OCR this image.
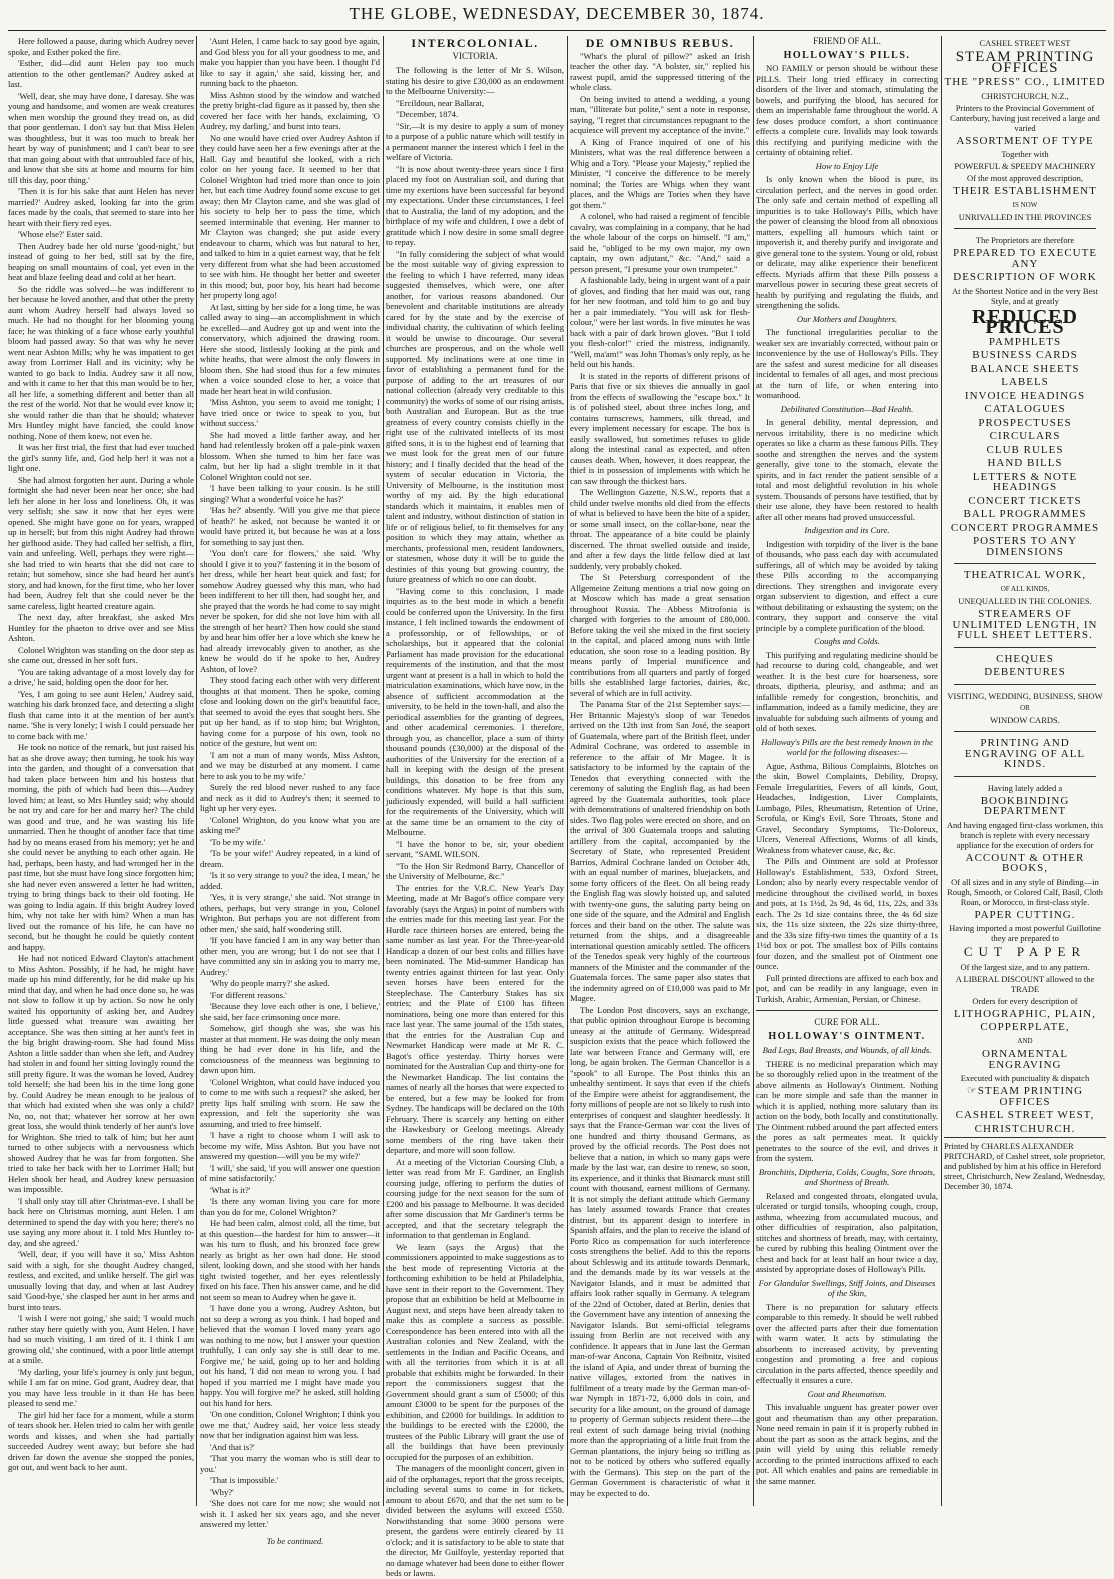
THE GLOBE, WEDNESDAY, DECEMBER 30, 1874.

Here followed a pause, during which Audrey never spoke, and Esther poked the fire.

'Esther, did—did aunt Helen pay too much attention to the other gentleman?' Audrey asked at last.

'Well, dear, she may have done, I daresay. She was young and handsome, and women are weak creatures when men worship the ground they tread on, as did that poor gentleman. I don't say but that Miss Helen was thoughtless, but it was too much to break her heart by way of punishment; and I can't bear to see that man going about with that untroubled face of his, and know that she sits at home and mourns for him till this day, poor thing.'

'Then it is for his sake that aunt Helen has never married?' Audrey asked, looking far into the grim faces made by the coals, that seemed to stare into her heart with their fiery red eyes.

'Whose else?' Ester said.

Then Audrey bade her old nurse 'good-night,' but instead of going to her bed, still sat by the fire, heaping on small mountains of coal, yet even in the heat and blaze feeling dead and cold at her heart.

So the riddle was solved—he was indifferent to her because he loved another, and that other the pretty aunt whom Audrey herself had always loved so much. He had no thought for her blooming young face; he was thinking of a face whose early youthful bloom had passed away. So that was why he never went near Ashton Mills; why he was impatient to get away from Lorrimer Hall and its vicinity; why he wanted to go back to India. Audrey saw it all now, and with it came to her that this man would be to her, all her life, a something different and better than all the rest of the world. Not that he would ever know it; she would rather die than that he should; whatever Mrs Huntley might have fancied, she could know nothing. None of them knew, not even he.

It was her first trial, the first that had ever touched the girl's sunny life, and, God help her! it was not a light one.

She had almost forgotten her aunt. During a whole fortnight she had never been near her once; she had left her alone in her loss and loneliness. Oh, it was very selfish; she saw it now that her eyes were opened. She might have gone on for years, wrapped up in herself; but from this night Audrey had thrown her girlhood aside. They had called her selfish, a flirt, vain and unfeeling. Well, perhaps they were right—she had tried to win hearts that she did not care to retain; but somehow, since she had heard her aunt's story, and had known, for the first time, who her lover had been, Audrey felt that she could never be the same careless, light hearted creature again.

The next day, after breakfast, she asked Mrs Huntley for the phaeton to drive over and see Miss Ashton.

Colonel Wrighton was standing on the door step as she came out, dressed in her soft furs.

'You are taking advantage of a most lovely day for a drive,' he said, holding open the door for her.

'Yes, I am going to see aunt Helen,' Audrey said, watching his dark bronzed face, and detecting a slight flush that came into it at the mention of her aunt's name. 'She is very lonely; I wish I could persuade her to come back with me.'

He took no notice of the remark, but just raised his hat as she drove away; then turning, he took his way into the garden, and thought of a conversation that had taken place between him and his hostess that morning, the pith of which had been this—Audrey loved him; at least, so Mrs Huntley said; why should he not try and care for her and marry her? The child was good and true, and he was wasting his life unmarried. Then he thought of another face that time had by no means erased from his memory; yet he and she could never be anything to each other again. He had, perhaps, been hasty, and had wronged her in the past time, but she must have long since forgotten him; she had never even answered a letter he had written, trying to bring things back to their old footing. He was going to India again. If this bright Audrey loved him, why not take her with him? When a man has lived out the romance of his life, he can have no second, but he thought he could be quietly content and happy.

He had not noticed Edward Clayton's attachment to Miss Ashton. Possibly, if he had, he might have made up his mind differently, for he did make up his mind that day, and when he had once done so, he was not slow to follow it up by action. So now he only waited his opportunity of asking her, and Audrey little guessed what treasure was awaiting her acceptance. She was then sitting at her aunt's feet in the big bright drawing-room. She had found Miss Ashton a little sadder than when she left, and Audrey had stolen in and found her sitting lovingly round the still pretty figure. It was the woman he loved, Audrey told herself; she had been his in the time long gone by. Could Audrey be mean enough to be jealous of that which had existed when she was only a child? No, no, not that; whatever her sorrow at her own great loss, she would think tenderly of her aunt's love for Wrighton. She tried to talk of him; but her aunt turned to other subjects with a nervousness which showed Audrey that he was far from forgotten. She tried to take her back with her to Lorrimer Hall; but Helen shook her head, and Audrey knew persuasion was impossible.

'I shall only stay till after Christmas-eve. I shall be back here on Christmas morning, aunt Helen. I am determined to spend the day with you here; there's no use saying any more about it. I told Mrs Huntley to-day, and she agreed.'

'Well, dear, if you will have it so,' Miss Ashton said with a sigh, for she thought Audrey changed, restless, and excited, and unlike herself. The girl was unusually loving that day, and when at last Audrey said 'Good-bye,' she clasped her aunt in her arms and burst into tears.

'I wish I were not going,' she said; 'I would much rather stay here quietly with you, Aunt Helen. I have had so much visiting, I am tired of it. I think I am growing old,' she continued, with a poor little attempt at a smile.

'My darling, your life's journey is only just begun, while I am far on mine. God grant, Audrey dear, that you may have less trouble in it than He has been pleased to send me.'

The girl hid her face for a moment, while a storm of tears shook her. Helen tried to calm her with gentle words and kisses, and when she had partially succeeded Audrey went away; but before she had driven far down the avenue she stopped the ponies, got out, and went back to her aunt.

'Aunt Helen, I came back to say good bye again, and God bless you for all your goodness to me, and make you happier than you have been. I thought I'd like to say it again,' she said, kissing her, and running back to the phaeton.

Miss Ashton stood by the window and watched the pretty bright-clad figure as it passed by, then she covered her face with her hands, exclaiming, 'O Audrey, my darling,' and burst into tears.

No one would have cried over Audrey Ashton if they could have seen her a few evenings after at the Hall. Gay and beautiful she looked, with a rich color on her young face. It seemed to her that Colonel Wrighton had tried more than once to join her, but each time Audrey found some excuse to get away; then Mr Clayton came, and she was glad of his society to help her to pass the time, which seemed interminable that evening. Her manner to Mr Clayton was changed; she put aside every endeavour to charm, which was but natural to her, and talked to him in a quiet earnest way, that he felt very different from what she had been accustomed to see with him. He thought her better and sweeter in this mood; but, poor boy, his heart had become her property long ago!

At last, sitting by her side for a long time, he was called away to sing—an accomplishment in which he excelled—and Audrey got up and went into the conservatory, which adjoined the drawing room. Here she stood, listlessly looking at the pink and white heaths, that were almost the only flowers in bloom then. She had stood thus for a few minutes when a voice sounded close to her, a voice that made her heart beat in wild confusion.

'Miss Ashton, you seem to avoid me tonight; I have tried once or twice to speak to you, but without success.'

She had moved a little farther away, and her hand had relentlessly broken off a pale-pink waxen blossom. When she turned to him her face was calm, but her lip had a slight tremble in it that Colonel Wrighton could not see.

'I have been talking to your cousin. Is he still singing? What a wonderful voice he has?'

'Has he?' absently. 'Will you give me that piece of heath?' he asked, not because he wanted it or would have prized it, but because he was at a loss for something to say just then.

'You don't care for flowers,' she said. 'Why should I give it to you?' fastening it in the bosom of her dress, while her heart beat quick and fast; for somehow Audrey guessed why this man, who had been indifferent to her till then, had sought her, and she prayed that the words he had come to say might never be spoken, for did she not love him with all the strength of her heart? Then how could she stand by and hear him offer her a love which she knew he had already irrevocably given to another, as she knew he would do if he spoke to her, Audrey Ashton, of love?

They stood facing each other with very different thoughts at that moment. Then he spoke, coming close and looking down on the girl's beautiful face, that seemed to avoid the eyes that sought hers. She put up her hand, as if to stop him; but Wrighton, having come for a purpose of his own, took no notice of the gesture, but went on:

'I am not a man of many words, Miss Ashton, and we may be disturbed at any moment. I came here to ask you to be my wife.'

Surely the red blood never rushed to any face and neck as it did to Audrey's then; it seemed to light up her very eyes.

'Colonel Wrighton, do you know what you are asking me?'

'To be my wife.'

'To be your wife!' Audrey repeated, in a kind of dream.

'Is it so very strange to you? the idea, I mean,' he added.

'Yes, it is very strange,' she said. 'Not strange in others, perhaps, but very strange in you, Colonel Wrighton. But perhaps you are not different from other men,' she said, half wondering still.

'If you have fancied I am in any way better than other men, you are wrong; but I do not see that I have committed any sin in asking you to marry me, Audrey.'

'Why do people marry?' she asked.

'For different reasons.'

'Because they love each other is one, I believe,' she said, her face crimsoning once more.

Somehow, girl though she was, she was his master at that moment. He was doing the only mean thing he had ever done in his life, and the consciousness of the meanness was beginning to dawn upon him.

'Colonel Wrighton, what could have induced you to come to me with such a request?' she asked, her pretty lips half smiling with scorn. He saw the expression, and felt the superiority she was assuming, and tried to free himself.

'I have a right to choose whom I will ask to become my wife, Miss Ashton. But you have not answered my question—will you be my wife?'

'I will,' she said, 'if you will answer one question of mine satisfactorily.'

'What is it?'

'Is there any woman living you care for more than you do for me, Colonel Wrighton?'

He had been calm, almost cold, all the time, but at this question—the hardest for him to answer—it was his turn to flush, and his bronzed face grew nearly as bright as her own had done. He stood silent, looking down, and she stood with her hands tight twisted together, and her eyes relentlessly fixed on his face. Then his answer came, and he did not seem so mean to Audrey when he gave it.

'I have done you a wrong, Audrey Ashton, but not so deep a wrong as you think. I had hoped and believed that the woman I loved many years ago was nothing to me now, but I answer your question truthfully, I can only say she is still dear to me. Forgive me,' he said, going up to her and holding out his hand, 'I did not mean to wrong you. I had hoped if you married me I might have made you happy. You will forgive me?' he asked, still holding out his hand for hers.

'On one condition, Colonel Wrighton; I think you owe me that,' Audrey said, her voice less steady now that her indignation against him was less.

'And that is?'

'That you marry the woman who is still dear to you.'

'That is impossible.'

'Why?'

'She does not care for me now; she would not wish it. I asked her six years ago, and she never answered my letter.'

To be continued.

INTERCOLONIAL.
VICTORIA.

The following is the letter of Mr S. Wilson, stating his desire to give £30,000 as an endowment to the Melbourne University:—

"Ercildoun, near Ballarat,

"December, 1874.

"Sir,—It is my desire to apply a sum of money to a purpose of a public nature which will testify in a permanent manner the interest which I feel in the welfare of Victoria.

"It is now about twenty-three years since I first placed my foot on Australian soil, and during that time my exertions have been successful far beyond my expectations. Under these circumstances, I feel that to Australia, the land of my adoption, and the birthplace of my wife and children, I owe a debt of gratitude which I now desire in some small degree to repay.

"In fully considering the subject of what would be the most suitable way of giving expression to the feeling to which I have referred, many ideas suggested themselves, which were, one after another, for various reasons abandoned. Our benevolent and charitable institutions are already cared for by the state and by the exercise of individual charity, the cultivation of which feeling it would be unwise to discourage. Our several churches are prosperous, and on the whole well supported. My inclinations were at one time in favor of establishing a permanent fund for the purpose of adding to the art treasures of our national collection (already very creditable to this community) the works of some of our rising artists, both Australian and European. But as the true greatness of every country consists chiefly in the right use of the cultivated intellects of its most gifted sons, it is to the highest end of learning that we must look for the great men of our future history; and I finally decided that the head of the system of secular education in Victoria, the University of Melbourne, is the institution most worthy of my aid. By the high educational standards which it maintains, it enables men of talent and industry, without distinction of station in life or of religious belief, to fit themselves for any position to which they may attain, whether as merchants, professional men, resident landowners, or statesmen, whose duty it will be to guide the destinies of this young but growing country, the future greatness of which no one can doubt.

"Having come to this conclusion, I made inquiries as to the best mode in which a benefit could be conferred upon the University. In the first instance, I felt inclined towards the endowment of a professorship, or of fellowships, or of scholarships, but it appeared that the colonial Parliament has made provision for the educational requirements of the institution, and that the most urgent want at present is a hall in which to hold the matriculation examinations, which have now, in the absence of sufficient accommodation at the university, to be held in the town-hall, and also the periodical assemblies for the granting of degrees, and other academical ceremonies. I therefore, through you, as chancellor, place a sum of thirty thousand pounds (£30,000) at the disposal of the authorities of the University for the erection of a hall in keeping with the design of the present buildings, this donation to be free from any conditions whatever. My hope is that this sum, judiciously expended, will build a hall sufficient for the requirements of the University, which will at the same time be an ornament to the city of Melbourne.

"I have the honor to be, sir, your obedient servant, "SAML WILSON.

"To the Hon Sir Redmond Barry, Chancellor of the University of Melbourne, &c."

The entries for the V.R.C. New Year's Day Meeting, made at Mr Bagot's office compare very favorably (says the Argus) in point of numbers with the entries made for this meeting last year. For the Hurdle race thirteen horses are entered, being the same number as last year. For the Three-year-old Handicap a dozen of our best colts and fillies have been nominated. The Mid-summer Handicap has twenty entries against thirteen for last year. Only seven horses have been entered for the Steeplechase. The Canterbury Stakes has six entries; and the Plate of £100 has fifteen nominations, being one more than entered for this race last year. The same journal of the 15th states, that the entries for the Australian Cup and Newmarket Handicap were made at Mr R. C. Bagot's office yesterday. Thirty horses were nominated for the Australian Cup and thirty-one for the Newmarket Handicap. The list contains the names of nearly all the horses that were expected to be entered, but a few may be looked for from Sydney. The handicaps will be declared on the 10th February. There is scarcely any betting on either the Hawkesbury or Geelong meetings. Already some members of the ring have taken their departure, and more will soon follow.

At a meeting of the Victorian Coursing Club, a letter was read from Mr F. Gardiner, an English coursing judge, offering to perform the duties of coursing judge for the next season for the sum of £200 and his passage to Melbourne. It was decided after some discussion that Mr Gardiner's terms be accepted, and that the secretary telegraph the information to that gentleman in England.

We learn (says the Argus) that the commissioners appointed to make suggestions as to the best mode of representing Victoria at the forthcoming exhibition to be held at Philadelphia, have sent in their report to the Government. They propose that an exhibition be held at Melbourne in August next, and steps have been already taken to make this as complete a success as possible. Correspondence has been entered into with all the Australian colonies and New Zealand, with the settlements in the Indian and Pacific Oceans, and with all the territories from which it is at all probable that exhibits might be forwarded. In their report the commissioners suggest that the Government should grant a sum of £5000; of this amount £3000 to be spent for the purposes of the exhibition, and £2000 for buildings. In addition to the buildings to be erected with the £2000, the trustees of the Public Library will grant the use of all the buildings that have been previously occupied for the purposes of an exhibition.

The managers of the moonlight concert, given in aid of the orphanages, report that the gross receipts, including several sums to come in for tickets, amount to about £670, and that the net sum to be divided between the asylums will exceed £550. Notwithstanding that some 3000 persons were present, the gardens were entirely cleared by 11 o'clock; and it is satisfactory to be able to state that the director, Mr Guilfoyle, yesterday reported that no damage whatever had been done to either flower beds or lawns.

DE OMNIBUS REBUS.

"What's the plural of pillow?" asked an Irish teacher the other day. "A bolster, sir," replied his rawest pupil, amid the suppressed tittering of the whole class.

On being invited to attend a wedding, a young man, "illiterate but polite," sent a note in response, saying, "I regret that circumstances repugnant to the acquiesce will prevent my acceptance of the invite."

A King of France inquired of one of his Ministers, what was the real difference between a Whig and a Tory. "Please your Majesty," replied the Minister, "I conceive the difference to be merely nominal; the Tories are Whigs when they want places, and the Whigs are Tories when they have got them."

A colonel, who had raised a regiment of fencible cavalry, was complaining in a company, that he had the whole labour of the corps on himself. "I am," said he, "obliged to be my own major, my own captain, my own adjutant," &c. "And," said a person present, "I presume your own trumpeter."

A fashionable lady, being in urgent want of a pair of gloves, and finding that her maid was out, rang for her new footman, and told him to go and buy her a pair immediately. "You will ask for flesh-colour," were her last words. In five minutes he was back with a pair of dark brown gloves. "But I told you flesh-color!" cried the mistress, indignantly. "Well, ma'am!" was John Thomas's only reply, as he held out his hands.

It is stated in the reports of different prisons of Paris that five or six thieves die annually in gaol from the effects of swallowing the "escape box." It is of polished steel, about three inches long, and contains turnscrews, hammers, silk thread, and every implement necessary for escape. The box is easily swallowed, but sometimes refuses to glide along the intestinal canal as expected, and often causes death. When, however, it does reappear, the thief is in possession of implements with which he can saw through the thickest bars.

The Wellington Gazette, N.S.W., reports that a child under twelve months old died from the effects of what is believed to have been the bite of a spider, or some small insect, on the collar-bone, near the throat. The appearance of a bite could be plainly discerned. The throat swelled outside and inside, and after a few days the little fellow died at last suddenly, very probably choked.

The St Petersburg correspondent of the Allgemeine Zeitung mentions a trial now going on at Moscow which has made a great sensation throughout Russia. The Abbess Mitrofonia is charged with forgeries to the amount of £80,000. Before taking the veil she mixed in the first society in the capital, and placed among nuns with little education, she soon rose to a leading position. By means partly of Imperial munificence and contributions from all quarters and partly of forged bills she established large factories, dairies, &c, several of which are in full activity.

The Panama Star of the 21st September says:—Her Britannic Majesty's sloop of war Tenedos arrived on the 12th inst from San José, the seaport of Guatemala, where part of the British fleet, under Admiral Cochrane, was ordered to assemble in reference to the affair of Mr Magee. It is satisfactory to be informed by the captain of the Tenedos that everything connected with the ceremony of saluting the English flag, as had been agreed by the Guatemala authorities, took place with demonstrations of unaltered friendship on both sides. Two flag poles were erected on shore, and on the arrival of 300 Guatemala troops and saluting artillery from the capital, accompanied by the Secretary of State, who represented President Barrios, Admiral Cochrane landed on October 4th, with an equal number of marines, bluejackets, and some forty officers of the fleet. On all being ready the English flag was slowly hoisted up, and saluted with twenty-one guns, the saluting party being on one side of the square, and the Admiral and English forces and their band on the other. The salute was returned from the ships, and a disagreeable international question amicably settled. The officers of the Tenedos speak very highly of the courteous manners of the Minister and the commander of the Guatemala forces. The same paper also states that the indemnity agreed on of £10,000 was paid to Mr Magee.

The London Post discovers, says an exchange, that public opinion throughout Europe is becoming uneasy at the attitude of Germany. Widespread suspicion exists that the peace which followed the late war between France and Germany will, ere long, be again broken. The German Chancellor is a "spook" to all Europe. The Post thinks this an unhealthy sentiment. It says that even if the chiefs of the Empire were atheist for aggrandisement, the forty millions of people are not so likely to rush into enterprises of conquest and slaughter heedlessly. It says that the France-German war cost the lives of one hundred and thirty thousand Germans, as proved by the official records. The Post does not believe that a nation, in which so many gaps were made by the last war, can desire to renew, so soon, its experience, and it thinks that Bismarck must still count with thousand, earnest millions of Germany. It is not simply the defiant attitude which Germany has lately assumed towards France that creates distrust, but its apparent design to interfere in Spanish affairs, and the plan to receive the island of Porto Rico as compensation for such interference costs strengthens the belief. Add to this the reports about Schleswig and its attitude towards Denmark, and the demands made by its war vessels at the Navigator Islands, and it must be admitted that affairs look rather squally in Germany. A telegram of the 22nd of October, dated at Berlin, denies that the Government have any intention of annexing the Navigator Islands. But semi-official telegrams issuing from Berlin are not received with any confidence. It appears that in June last the German man-of-war Ancona, Captain Von Reibnitz, visited the island of Apia, and under threat of burning the native villages, extorted from the natives in fulfilment of a treaty made by the German man-of-war Nymph in 1871-72, 6,000 dols in coin, and security for a like amount, on the ground of damage to property of German subjects resident there—the real extent of such damage being trivial (nothing more than the appropriating of a little fruit from the German plantations, the injury being so trifling as not to be noticed by others who suffered equally with the Germans). This step on the part of the German Government is characteristic of what it may be expected to do.

FRIEND OF ALL.
HOLLOWAY'S PILLS.

NO FAMILY or person should be without these PILLS. Their long tried efficacy in correcting disorders of the liver and stomach, stimulating the bowels, and purifying the blood, has secured for them an imperishable fame throughout the world. A few doses produce comfort, a short continuance effects a complete cure. Invalids may look towards this rectifying and purifying medicine with the certainty of obtaining relief.

How to Enjoy Life

Is only known when the blood is pure, its circulation perfect, and the nerves in good order. The only safe and certain method of expelling all impurities is to take Holloway's Pills, which have the power of cleansing the blood from all obnoxious matters, expelling all humours which taint or impoverish it, and thereby purify and invigorate and give general tone to the system. Young or old, robust or delicate, may alike experience their beneficent effects. Myriads affirm that these Pills possess a marvellous power in securing these great secrets of health by purifying and regulating the fluids, and strengthening the solids.

Our Mothers and Daughters.

The functional irregularities peculiar to the weaker sex are invariably corrected, without pain or inconvenience by the use of Holloway's Pills. They are the safest and surest medicine for all diseases incidental to females of all ages, and most precious at the turn of life, or when entering into womanhood.

Debilitated Constitution—Bad Health.

In general debility, mental depression, and nervous irritability, there is no medicine which operates so like a charm as these famous Pills. They soothe and strengthen the nerves and the system generally, give tone to the stomach, elevate the spirits, and in fact render the patient sensible of a total and most delightful revolution in his whole system. Thousands of persons have testified, that by their use alone, they have been restored to health after all other means had proved unsuccessful.

Indigestion and its Cure.

Indigestion with torpidity of the liver is the bane of thousands, who pass each day with accumulated sufferings, all of which may be avoided by taking these Pills according to the accompanying directions. They strengthen and invigorate every organ subservient to digestion, and effect a cure without debilitating or exhausting the system; on the contrary, they support and conserve the vital principle by a complete purification of the blood.

Coughs and Colds.

This purifying and regulating medicine should be had recourse to during cold, changeable, and wet weather. It is the best cure for hoarseness, sore throats, diptheria, pleurisy, and asthma; and an infallible remedy for congestion, bronchitis, and inflammation, indeed as a family medicine, they are invaluable for subduing such ailments of young and old of both sexes.

Holloway's Pills are the best remedy known in the world for the following diseases:—

Ague, Asthma, Bilious Complaints, Blotches on the skin, Bowel Complaints, Debility, Dropsy, Female Irregularities, Fevers of all kinds, Gout, Headaches, Indigestion, Liver Complaints, Lumbago, Piles, Rheumatism, Retention of Urine, Scrofula, or King's Evil, Sore Throats, Stone and Gravel, Secondary Symptoms, Tic-Doloreux, Ulcers, Venereal Affections, Worms of all kinds, Weakness from whatever cause, &c, &c.

The Pills and Ointment are sold at Professor Holloway's Establishment, 533, Oxford Street, London; also by nearly every respectable vendor of medicine throughout the civilised world, in boxes and pots, at 1s 1½d, 2s 9d, 4s 6d, 11s, 22s, and 33s each. The 2s 1d size contains three, the 4s 6d size six, the 11s size sixteen, the 22s size thirty-three, and the 33s size fifty-two times the quantity of a 1s 1½d box or pot. The smallest box of Pills contains four dozen, and the smallest pot of Ointment one ounce.

Full printed directions are affixed to each box and pot, and can be readily in any language, even in Turkish, Arabic, Armenian, Persian, or Chinese.

CURE FOR ALL.
HOLLOWAY'S OINTMENT.

Bad Legs, Bad Breasts, and Wounds, of all kinds.

THERE is no medicinal preparation which may be so thoroughly relied upon in the treatment of the above ailments as Holloway's Ointment. Nothing can be more simple and safe than the manner in which it is applied, nothing more salutary than its action on the body, both locally and constitutionally. The Ointment rubbed around the part affected enters the pores as salt permeates meat. It quickly penetrates to the source of the evil, and drives it from the system.

Bronchitis, Diptheria, Colds, Coughs, Sore throats, and Shortness of Breath.

Relaxed and congested throats, elongated uvula, ulcerated or turgid tonsils, whooping cough, croup, asthma, wheezing from accumulated mucous, and other difficulties of respiration, also palpitation, stitches and shortness of breath, may, with certainty, be cured by rubbing this healing Ointment over the chest and back for at least half an hour twice a day, assisted by appropriate doses of Holloway's Pills.

For Glandular Swellings, Stiff Joints, and Diseases of the Skin,

There is no preparation for salutary effects comparable to this remedy. It should be well rubbed over the affected parts after their due fomentation with warm water. It acts by stimulating the absorbents to increased activity, by preventing congestion and promoting a free and copious circulation in the parts affected, thence speedily and effectually it ensures a cure.

Gout and Rheumatism.

This invaluable unguent has greater power over gout and rheumatism than any other preparation. None need remain in pain if it is properly rubbed in about the part as soon as the attack begins, and the pain will yield by using this reliable remedy according to the printed instructions affixed to each pot. All which enables and pains are remediable in the same manner.

CASHEL STREET WEST
STEAM PRINTING OFFICES
THE "PRESS" CO., LIMITED
CHRISTCHURCH, N.Z.,
Printers to the Provincial Government of Canterbury, having just received a large and varied
ASSORTMENT OF TYPE
Together with
POWERFUL & SPEEDY MACHINERY
Of the most approved description,
THEIR ESTABLISHMENT
IS NOW
UNRIVALLED IN THE PROVINCES
The Proprietors are therefore
PREPARED TO EXECUTE ANY
DESCRIPTION OF WORK
At the Shortest Notice and in the very Best Style, and at greatly
REDUCED PRICES
PAMPHLETS
BUSINESS CARDS
BALANCE SHEETS
LABELS
INVOICE HEADINGS
CATALOGUES
PROSPECTUSES
CIRCULARS
CLUB RULES
HAND BILLS
LETTERS & NOTE HEADINGS
CONCERT TICKETS
BALL PROGRAMMES
CONCERT PROGRAMMES
POSTERS TO ANY DIMENSIONS
THEATRICAL WORK,
OF ALL KINDS,
UNEQUALLED IN THE COLONIES.
STREAMERS OF UNLIMITED LENGTH, IN FULL SHEET LETTERS.
CHEQUES
DEBENTURES
VISITING, WEDDING, BUSINESS, SHOW
OR
WINDOW CARDS.
PRINTING AND ENGRAVING OF ALL KINDS.
Having lately added a
BOOKBINDING DEPARTMENT
And having engaged first-class workmen, this branch is replete with every necessary appliance for the execution of orders for
ACCOUNT & OTHER BOOKS,
Of all sizes and in any style of Binding—in Rough, Smooth, or Colored Calf, Basil, Cloth Roan, or Morocco, in first-class style.
PAPER CUTTING.
Having imported a most powerful Guillotine they are prepared to
CUT PAPER
Of the largest size, and to any pattern.
A LIBERAL DISCOUNT allowed to the TRADE
Orders for every description of
LITHOGRAPHIC, PLAIN,
COPPERPLATE,
AND
ORNAMENTAL ENGRAVING
Executed with punctuality & dispatch
☞STEAM PRINTING OFFICES
CASHEL STREET WEST,
CHRISTCHURCH.
Printed by CHARLES ALEXANDER PRITCHARD, of Cashel street, sole proprietor, and published by him at his office in Hereford street, Christchurch, New Zealand, Wednesday, December 30, 1874.
